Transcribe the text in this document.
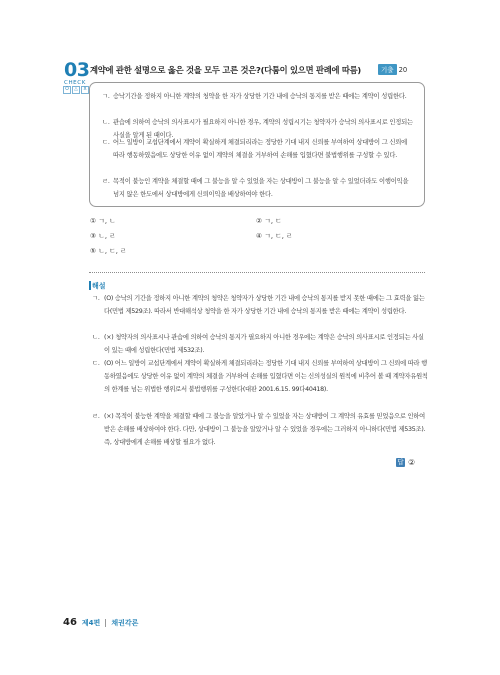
03
CHECK
O	△	X
계약에 관한 설명으로 옳은 것을 모두 고른 것은?(다툼이 있으면 판례에 따름)	기출 20
ㄱ. 승낙기간을 정하지 아니한 계약의 청약을 한 자가 상당한 기간 내에 승낙의 통지를 받은 때에는 계약이 성립한다.
ㄴ. 관습에 의하여 승낙의 의사표시가 필요하지 아니한 경우, 계약의 성립시기는 청약자가 승낙의 의사표시로 인정되는 사실을 알게 된 때이다.
ㄷ. 어느 일방이 교섭단계에서 계약이 확실하게 체결되리라는 정당한 기대 내지 신뢰를 부여하여 상대방이 그 신뢰에 따라 행동하였음에도 상당한 이유 없이 계약의 체결을 거부하여 손해를 입혔다면 불법행위를 구성할 수 있다.
ㄹ. 목적이 불능인 계약을 체결할 때에 그 불능을 알 수 있었을 자는 상대방이 그 불능을 알 수 있었더라도 이행이익을 넘지 않은 한도에서 상대방에게 신뢰이익을 배상하여야 한다.
① ㄱ, ㄴ	② ㄱ, ㄷ
③ ㄴ, ㄹ	④ ㄱ, ㄷ, ㄹ
⑤ ㄴ, ㄷ, ㄹ
해설
ㄱ. (O) 승낙의 기간을 정하지 아니한 계약의 청약은 청약자가 상당한 기간 내에 승낙의 통지를 받지 못한 때에는 그 효력을 잃는다(민법 제529조). 따라서 반대해석상 청약을 한 자가 상당한 기간 내에 승낙의 통지를 받은 때에는 계약이 성립한다.
ㄴ. (×) 청약자의 의사표시나 관습에 의하여 승낙의 통지가 필요하지 아니한 경우에는 계약은 승낙의 의사표시로 인정되는 사실이 있는 때에 성립한다(민법 제532조).
ㄷ. (O) 어느 일방이 교섭단계에서 계약이 확실하게 체결되리라는 정당한 기대 내지 신뢰를 부여하여 상대방이 그 신뢰에 따라 행동하였음에도 상당한 이유 없이 계약의 체결을 거부하여 손해를 입혔다면 이는 신의성실의 원칙에 비추어 볼 때 계약자유원칙의 한계를 넘는 위법한 행위로서 불법행위를 구성한다(대판 2001.6.15. 99다40418).
ㄹ. (×) 목적이 불능한 계약을 체결할 때에 그 불능을 알았거나 알 수 있었을 자는 상대방이 그 계약의 유효를 믿었음으로 인하여 받은 손해를 배상하여야 한다. 다만, 상대방이 그 불능을 알았거나 알 수 있었을 경우에는 그러하지 아니하다(민법 제535조). 즉, 상대방에게 손해를 배상할 필요가 없다.
답 ②
46 제4편 채권각론
